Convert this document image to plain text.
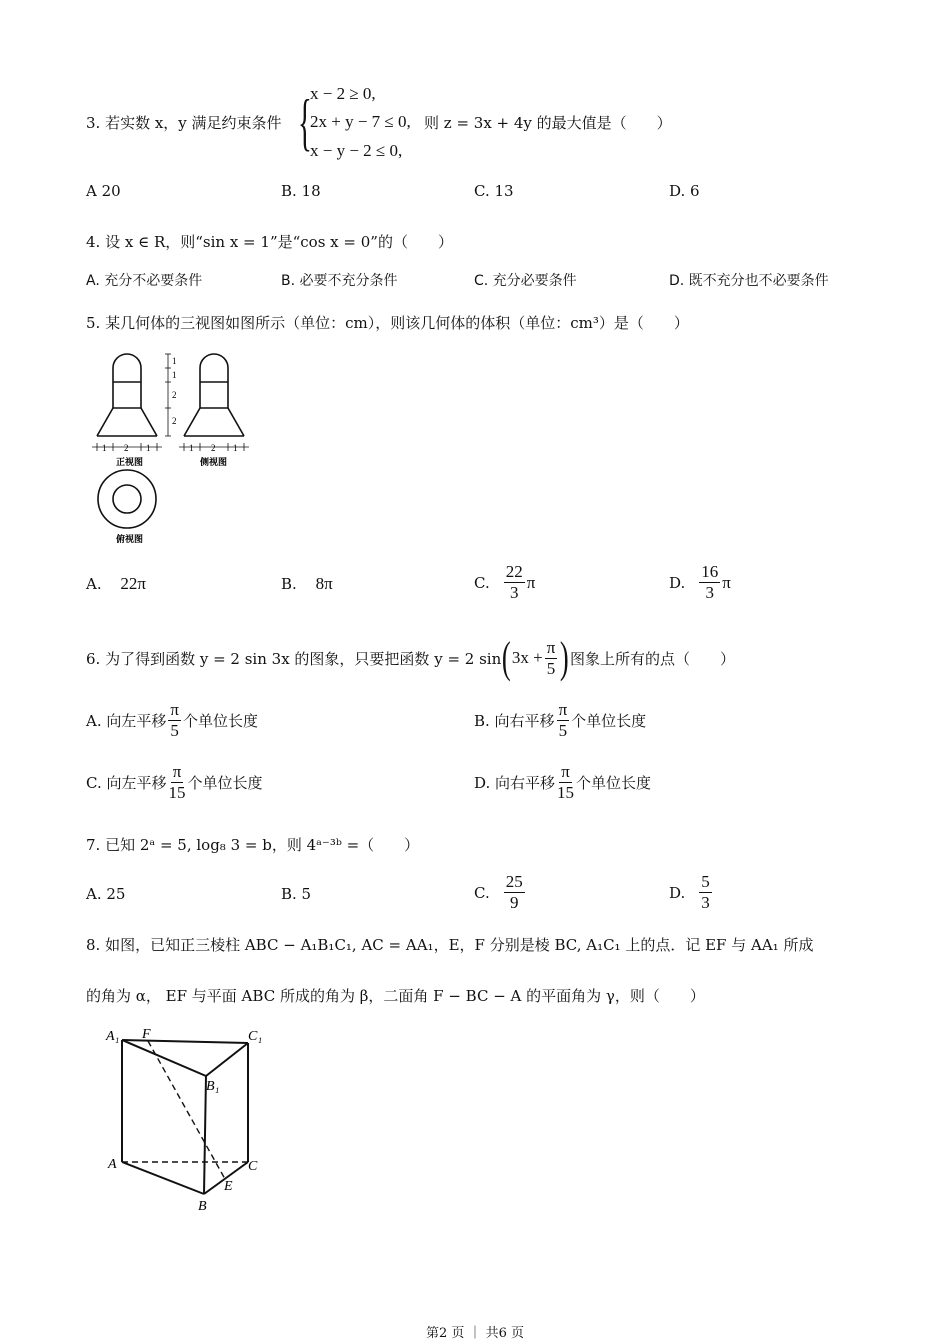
3. 若实数 x，y 满足约束条件 {
x − 2 ≥ 0,
2x + y − 7 ≤ 0,
x − y − 2 ≤ 0,
则 z = 3x + 4y 的最大值是（　　）
A 20	B. 18	C. 13	D. 6
4. 设 x ∈ R，则“sin x = 1”是“cos x = 0”的（　　）
A. 充分不必要条件	B. 必要不充分条件	C. 充分必要条件	D. 既不充分也不必要条件
5. 某几何体的三视图如图所示（单位：cm），则该几何体的体积（单位：cm³）是（　　）
1
1
2
2
1 2 1	1 2 1
正视图	侧视图
俯视图
A. 22π	B. 8π	C. $\frac{22}{3}$ π	D. $\frac{16}{3}$ π
6. 为了得到函数 y = 2 sin 3x 的图象，只要把函数 y = 2 sin ( $3x + \frac{\pi}{5}$ ) 图象上所有的点（　　）
A. 向左平移 $\frac{\pi}{5}$ 个单位长度	B. 向右平移 $\frac{\pi}{5}$ 个单位长度
C. 向左平移 $\frac{\pi}{15}$ 个单位长度	D. 向右平移 $\frac{\pi}{15}$ 个单位长度
7. 已知 2ᵃ = 5, log₈ 3 = b，则 4ᵃ⁻³ᵇ =（　　）
A. 25	B. 5	C. $\frac{25}{9}$	D. $\frac{5}{3}$
8. 如图，已知正三棱柱 ABC − A₁B₁C₁, AC = AA₁，E，F 分别是棱 BC, A₁C₁ 上的点．记 EF 与 AA₁ 所成
的角为 α， EF 与平面 ABC 所成的角为 β，二面角 F − BC − A 的平面角为 γ，则（　　）
A₁ F	C₁
B₁
A	C
E
B
第2 页 ｜ 共6 页
